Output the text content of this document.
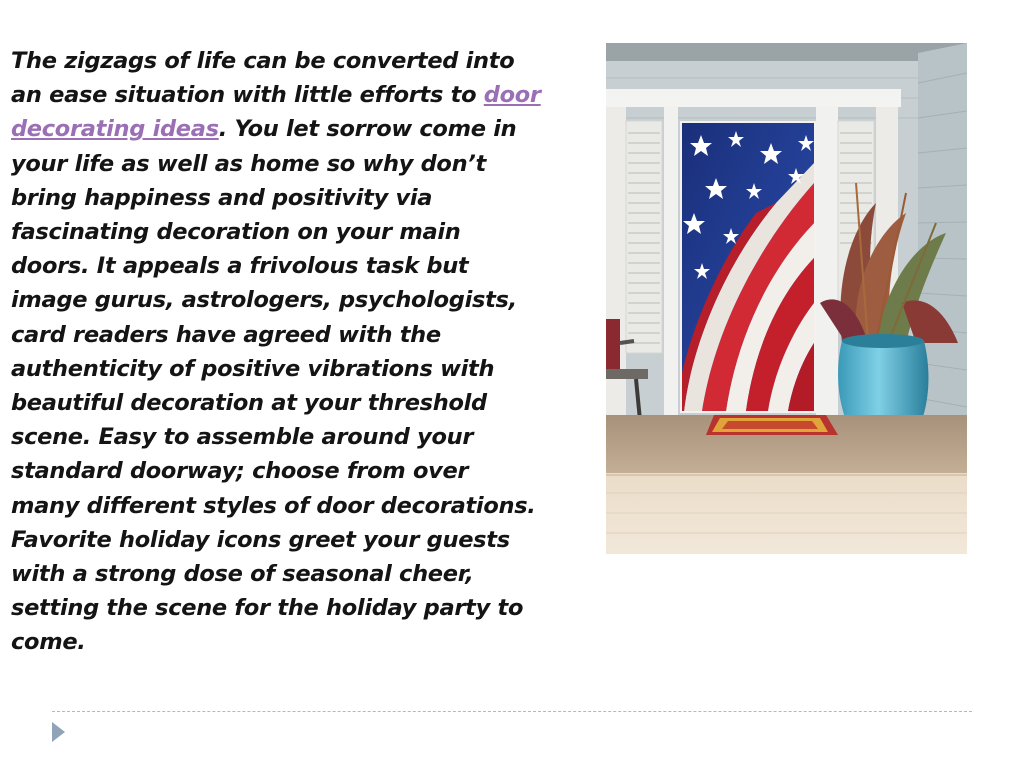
The zigzags of life can be converted into an ease situation with little efforts to door decorating ideas. You let sorrow come in your life as well as home so why don’t bring happiness and positivity via fascinating decoration on your main doors. It appeals a frivolous task but image gurus, astrologers, psychologists, card readers have agreed with the authenticity of positive vibrations with beautiful decoration at your threshold scene. Easy to assemble around your standard doorway; choose from over many different styles of door decorations. Favorite holiday icons greet your guests with a strong dose of seasonal cheer, setting the scene for the holiday party to come.
